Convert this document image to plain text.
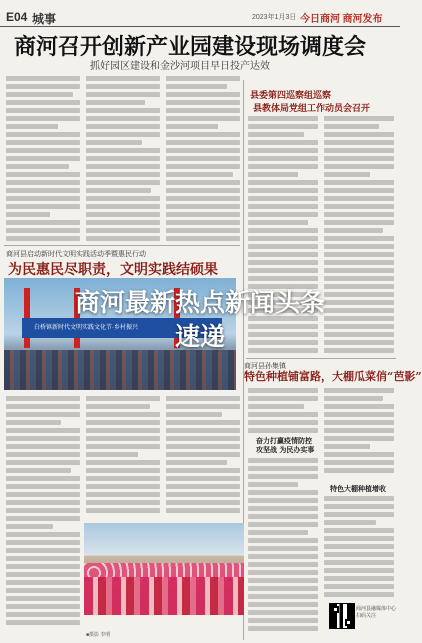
E04 城事	2023年1月3日 今日商河 商河发布
商河召开创新产业园建设现场调度会
抓好园区建设和金沙河项目早日投产达效
县委第四巡察组巡察
县教体局党组工作动员会召开
商河县启动新时代文明实践活动季暨惠民行动
为民惠民尽职责，文明实践结硕果
白桥镇新时代文明实践文化节·乡村振兴
商河最新热点新闻头条
速递
商河县孙集镇
特色种植铺富路，大棚瓜菜俏“芭影”
奋力打赢疫情防控
攻坚战 为民办实事
特色大棚种植增收
■摄影 李明
商河县融媒体中心 扫码关注
